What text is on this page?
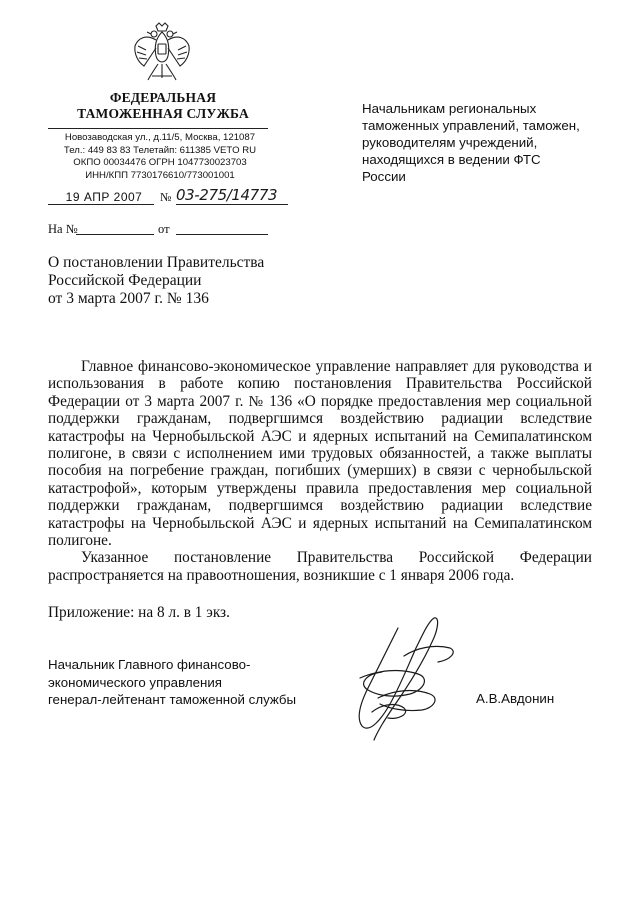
ФЕДЕРАЛЬНАЯ
ТАМОЖЕННАЯ СЛУЖБА
Новозаводская ул., д.11/5, Москва, 121087
Тел.: 449 83 83 Телетайп: 611385 VETO RU
ОКПО 00034476 ОГРН 1047730023703
ИНН/КПП 7730176610/773001001
19 АПР 2007	№ 03-275/14773
На №	от
Начальникам региональных таможенных управлений, таможен, руководителям учреждений, находящихся в ведении ФТС России
О постановлении Правительства
Российской Федерации
от 3 марта 2007 г. № 136

Главное финансово-экономическое управление направляет для руководства и использования в работе копию постановления Правительства Российской Федерации от 3 марта 2007 г. № 136 «О порядке предоставления мер социальной поддержки гражданам, подвергшимся воздействию радиации вследствие катастрофы на Чернобыльской АЭС и ядерных испытаний на Семипалатинском полигоне, в связи с исполнением ими трудовых обязанностей, а также выплаты пособия на погребение граждан, погибших (умерших) в связи с чернобыльской катастрофой», которым утверждены правила предоставления мер социальной поддержки гражданам, подвергшимся воздействию радиации вследствие катастрофы на Чернобыльской АЭС и ядерных испытаний на Семипалатинском полигоне.

Указанное постановление Правительства Российской Федерации распространяется на правоотношения, возникшие с 1 января 2006 года.

Приложение: на 8 л. в 1 экз.
Начальник Главного финансово-
экономического управления
генерал-лейтенант таможенной службы	А.В.Авдонин
